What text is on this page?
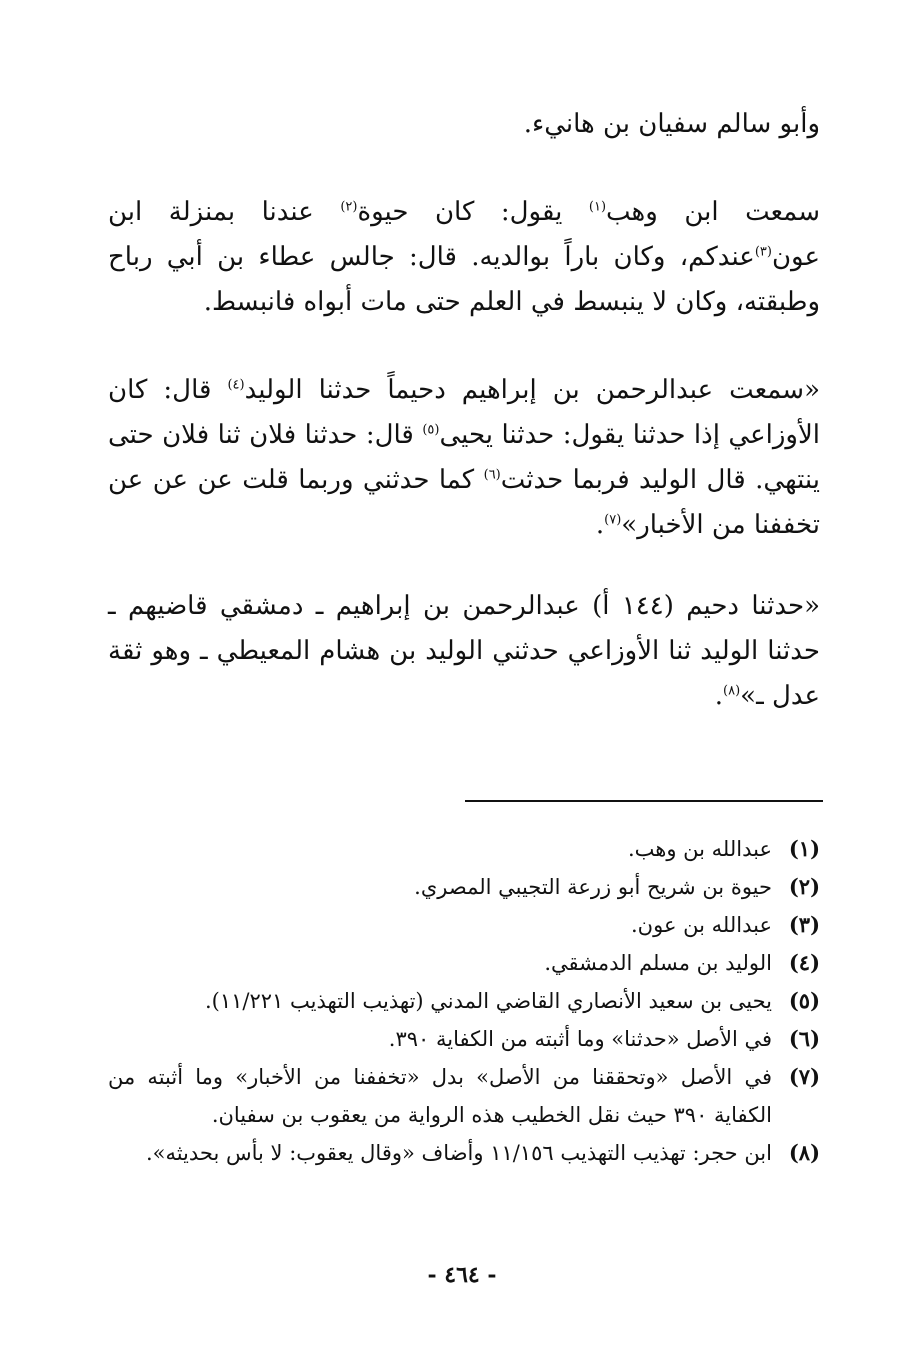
وأبو سالم سفيان بن هانيء.

سمعت ابن وهب$^{(١)}$ يقول: كان حيوة$^{(٢)}$ عندنا بمنزلة ابن عون$^{(٣)}$عندكم، وكان باراً بوالديه. قال: جالس عطاء بن أبي رباح وطبقته، وكان لا ينبسط في العلم حتى مات أبواه فانبسط.

«سمعت عبدالرحمن بن إبراهيم دحيماً حدثنا الوليد$^{(٤)}$ قال: كان الأوزاعي إذا حدثنا يقول: حدثنا يحيى$^{(٥)}$ قال: حدثنا فلان ثنا فلان حتى ينتهي. قال الوليد فربما حدثت$^{(٦)}$ كما حدثني وربما قلت عن عن عن تخففنا من الأخبار»$^{(٧)}$.

«حدثنا دحيم (١٤٤ أ) عبدالرحمن بن إبراهيم ـ دمشقي قاضيهم ـ حدثنا الوليد ثنا الأوزاعي حدثني الوليد بن هشام المعيطي ـ وهو ثقة عدل ـ»$^{(٨)}$.

(١)
عبدالله بن وهب.
(٢)
حيوة بن شريح أبو زرعة التجيبي المصري.
(٣)
عبدالله بن عون.
(٤)
الوليد بن مسلم الدمشقي.
(٥)
يحيى بن سعيد الأنصاري القاضي المدني (تهذيب التهذيب ١١/٢٢١).
(٦)
في الأصل «حدثنا» وما أثبته من الكفاية ٣٩٠.
(٧)
في الأصل «وتحققنا من الأصل» بدل «تخففنا من الأخبار» وما أثبته من الكفاية ٣٩٠ حيث نقل الخطيب هذه الرواية من يعقوب بن سفيان.
(٨)
ابن حجر: تهذيب التهذيب ١١/١٥٦ وأضاف «وقال يعقوب: لا بأس بحديثه».
- ٤٦٤ -
